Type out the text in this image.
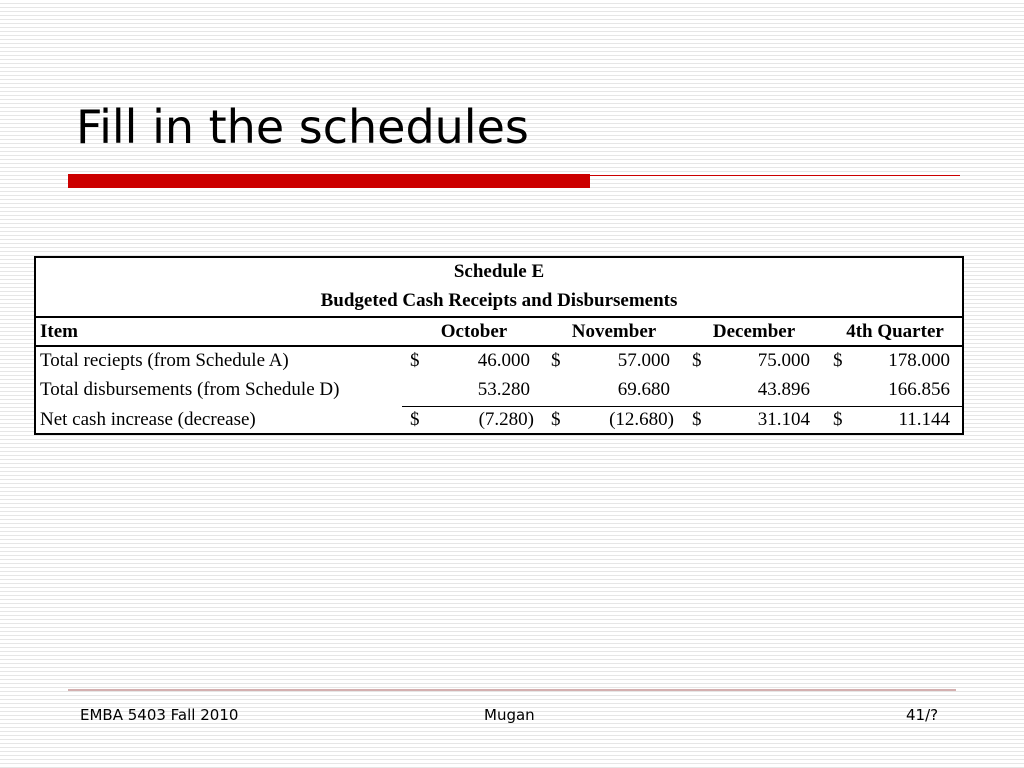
Fill in the schedules
Schedule E
Budgeted Cash Receipts and Disbursements
Item	October	November	December	4th Quarter
Total reciepts (from Schedule A)	$	46.000 $	57.000 $	75.000 $	178.000
Total disbursements (from Schedule D)	53.280	69.680	43.896	166.856
Net cash increase (decrease)	$	(7.280) $	(12.680) $	31.104 $	11.144
EMBA 5403 Fall 2010	Mugan	41/?
